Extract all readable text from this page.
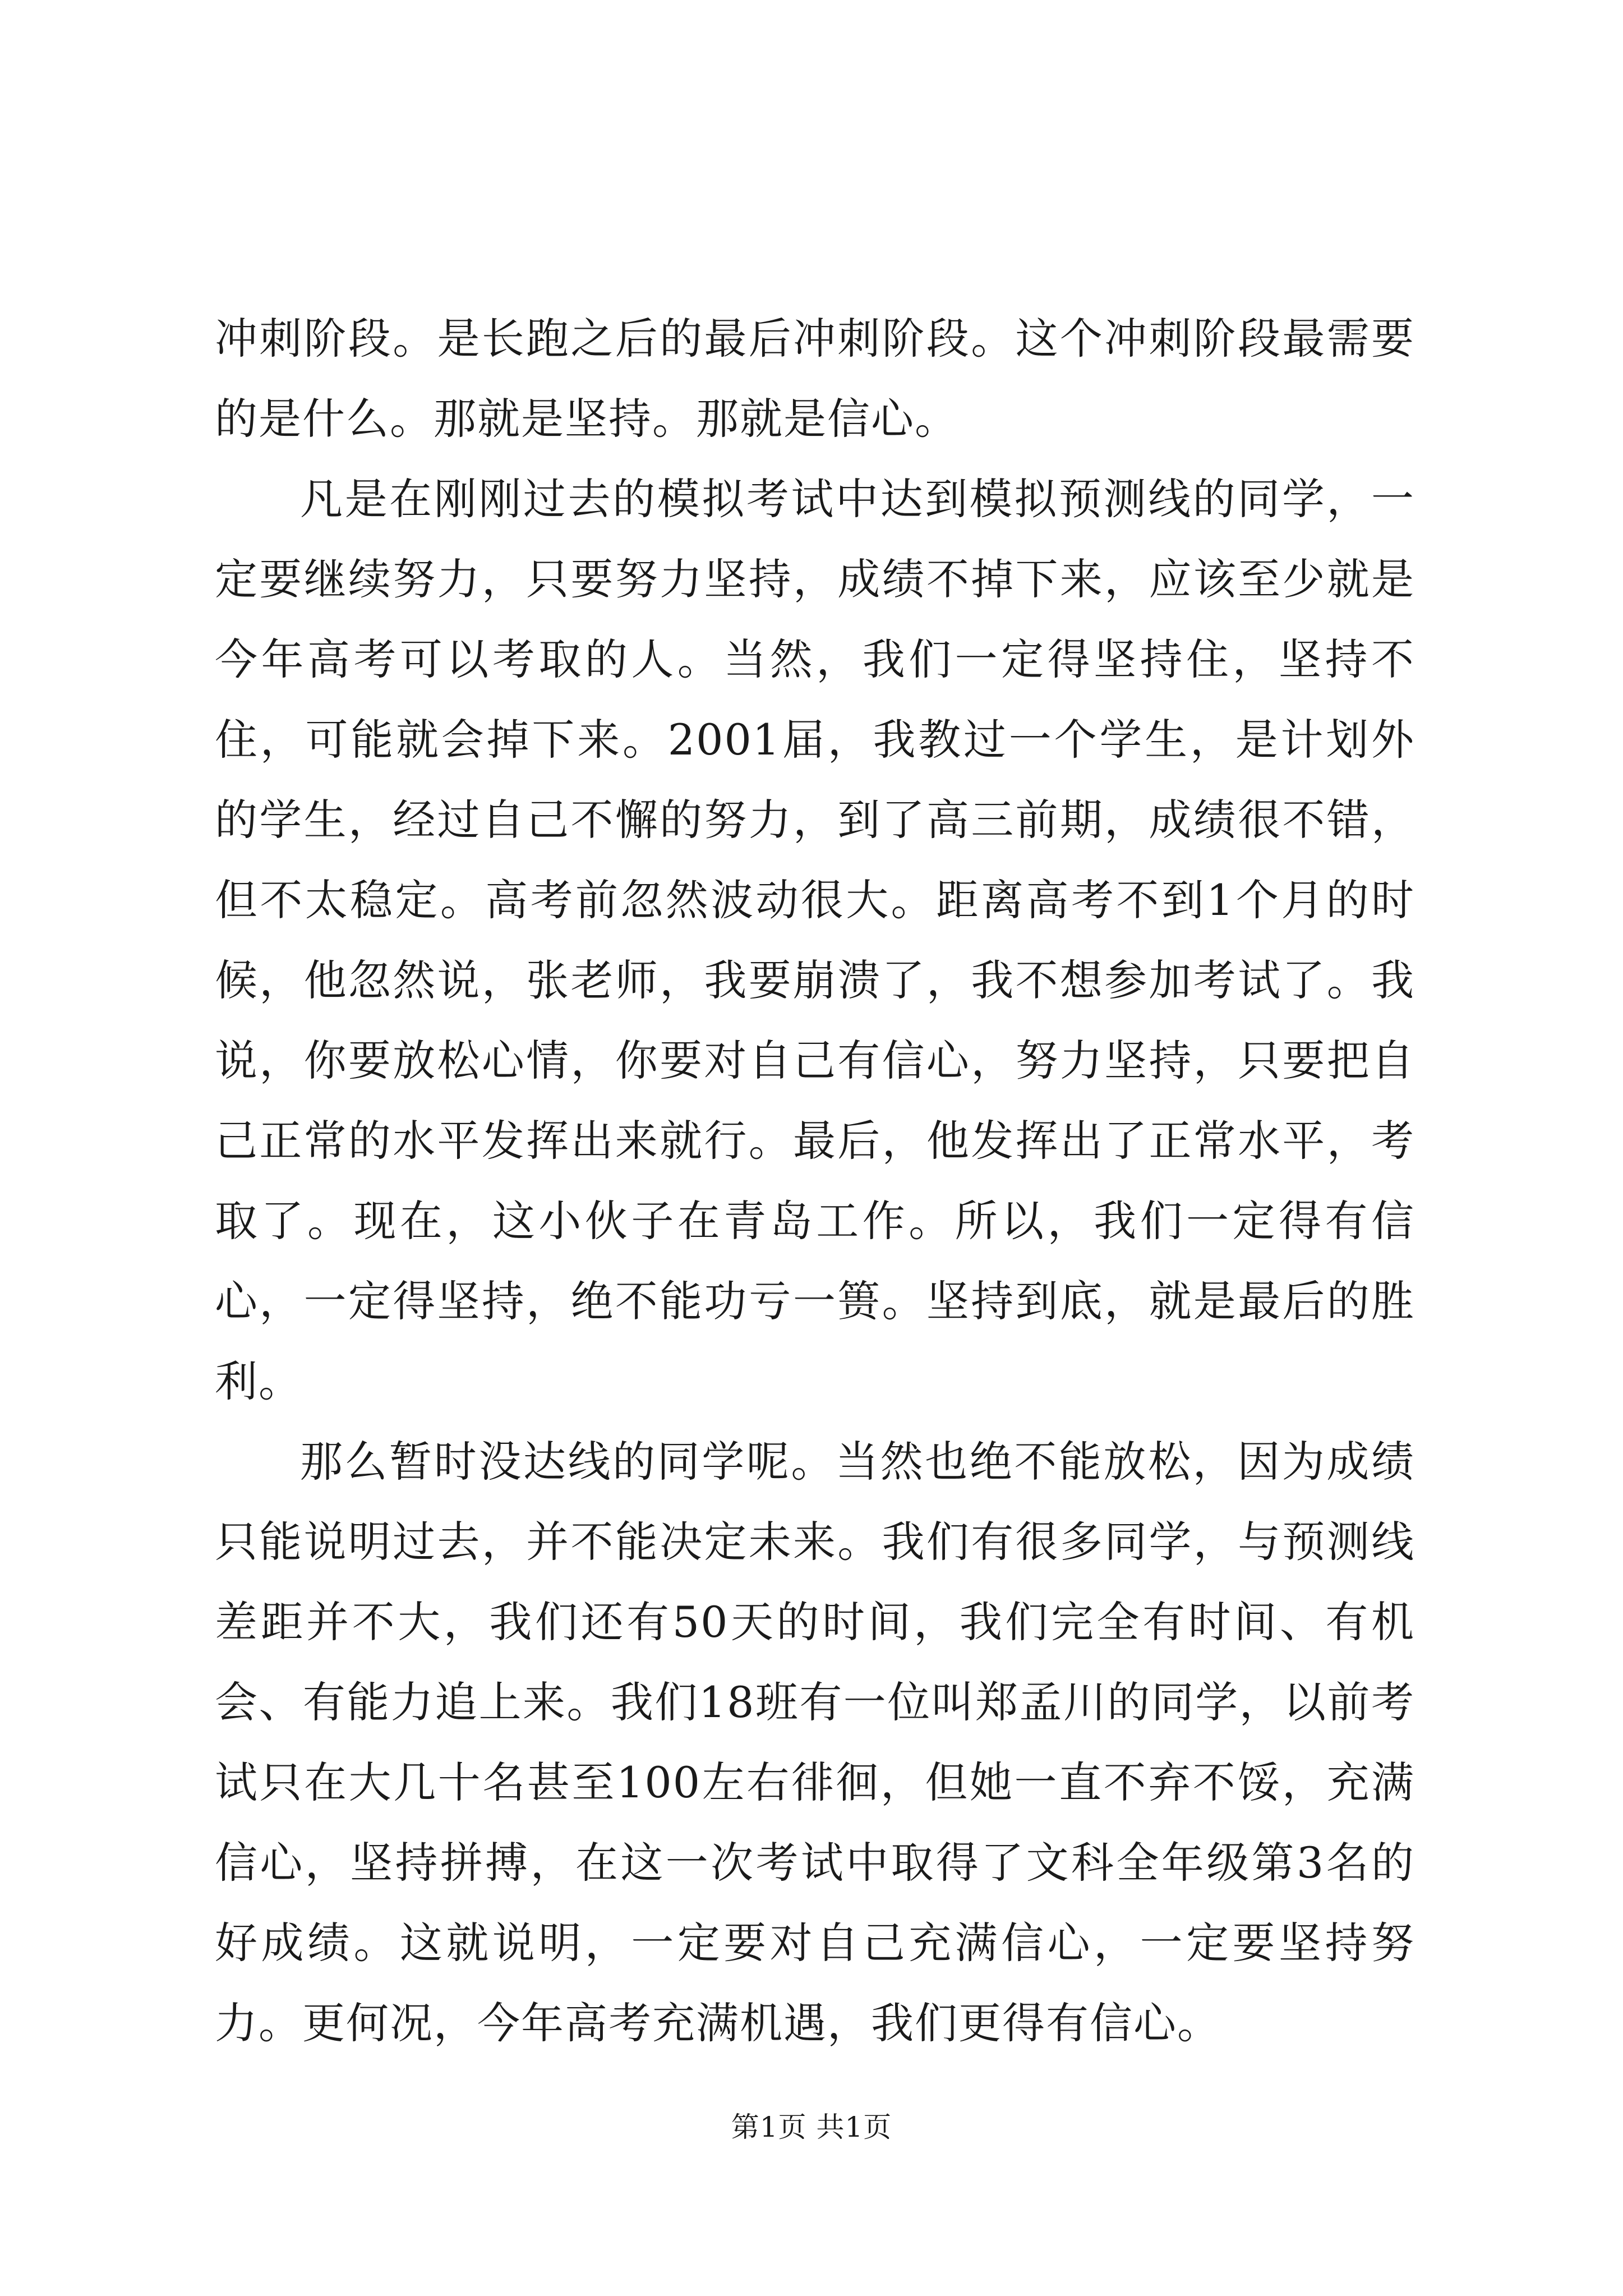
冲刺阶段。是长跑之后的最后冲刺阶段。这个冲刺阶段最需要的是什么。那就是坚持。那就是信心。

凡是在刚刚过去的模拟考试中达到模拟预测线的同学，一定要继续努力，只要努力坚持，成绩不掉下来，应该至少就是今年高考可以考取的人。当然，我们一定得坚持住，坚持不住，可能就会掉下来。2001届，我教过一个学生，是计划外的学生，经过自己不懈的努力，到了高三前期，成绩很不错，但不太稳定。高考前忽然波动很大。距离高考不到1个月的时候，他忽然说，张老师，我要崩溃了，我不想参加考试了。我说，你要放松心情，你要对自己有信心，努力坚持，只要把自己正常的水平发挥出来就行。最后，他发挥出了正常水平，考取了。现在，这小伙子在青岛工作。所以，我们一定得有信心，一定得坚持，绝不能功亏一篑。坚持到底，就是最后的胜利。

那么暂时没达线的同学呢。当然也绝不能放松，因为成绩只能说明过去，并不能决定未来。我们有很多同学，与预测线差距并不大，我们还有50天的时间，我们完全有时间、有机会、有能力追上来。我们18班有一位叫郑孟川的同学，以前考试只在大几十名甚至100左右徘徊，但她一直不弃不馁，充满信心，坚持拼搏，在这一次考试中取得了文科全年级第3名的好成绩。这就说明，一定要对自己充满信心，一定要坚持努力。更何况，今年高考充满机遇，我们更得有信心。

第1页 共1页
